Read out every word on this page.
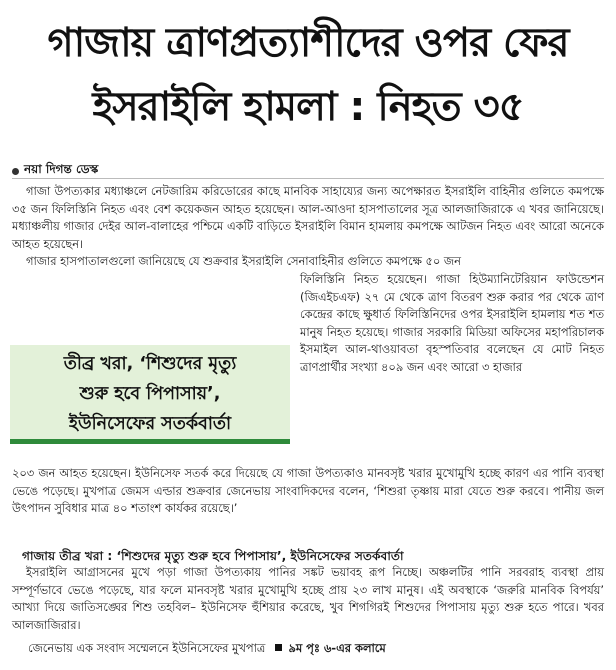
গাজায় ত্রাণপ্রত্যাশীদের ওপর ফের
ইসরাইলি হামলা : নিহত ৩৫
নয়া দিগন্ত ডেস্ক

গাজা উপত্যকার মধ্যাঞ্চলে নেটজারিম করিডোরের কাছে মানবিক সাহায্যের জন্য অপেক্ষারত ইসরাইলি বাহিনীর গুলিতে কমপক্ষে ৩৫ জন ফিলিস্তিনি নিহত এবং বেশ কয়েকজন আহত হয়েছেন। আল-আওদা হাসপাতালের সূত্র আলজাজিরাকে এ খবর জানিয়েছে। মধ্যাঞ্চলীয় গাজার দেইর আল-বালাহের পশ্চিমে একটি বাড়িতে ইসরাইলি বিমান হামলায় কমপক্ষে আটজন নিহত এবং আরো অনেকে আহত হয়েছেন।

গাজার হাসপাতালগুলো জানিয়েছে যে শুক্রবার ইসরাইলি সেনাবাহিনীর গুলিতে কমপক্ষে ৫০ জন

তীব্র খরা, ‘শিশুদের মৃত্যু
শুরু হবে পিপাসায়’,
ইউনিসেফের সতর্কবার্তা

ফিলিস্তিনি নিহত হয়েছেন। গাজা হিউম্যানিটেরিয়ান ফাউন্ডেশন (জিএইচএফ) ২৭ মে থেকে ত্রাণ বিতরণ শুরু করার পর থেকে ত্রাণ কেন্দ্রের কাছে ক্ষুধার্ত ফিলিস্তিনিদের ওপর ইসরাইলি হামলায় শত শত মানুষ নিহত হয়েছে। গাজার সরকারি মিডিয়া অফিসের মহাপরিচালক ইসমাইল আল-থাওয়াবতা বৃহস্পতিবার বলেছেন যে মোট নিহত ত্রাণপ্রার্থীর সংখ্যা ৪০৯ জন এবং আরো ৩ হাজার

২০৩ জন আহত হয়েছেন। ইউনিসেফ সতর্ক করে দিয়েছে যে গাজা উপত্যকাও মানবসৃষ্ট খরার মুখোমুখি হচ্ছে কারণ এর পানি ব্যবস্থা ভেঙে পড়েছে। মুখপাত্র জেমস এল্ডার শুক্রবার জেনেভায় সাংবাদিকদের বলেন, ‘শিশুরা তৃষ্ণায় মারা যেতে শুরু করবে। পানীয় জল উৎপাদন সুবিধার মাত্র ৪০ শতাংশ কার্যকর রয়েছে।’

গাজায় তীব্র খরা : ‘শিশুদের মৃত্যু শুরু হবে পিপাসায়’, ইউনিসেফের সতর্কবার্তা

ইসরাইলি আগ্রাসনের মুখে পড়া গাজা উপত্যকায় পানির সঙ্কট ভয়াবহ রূপ নিচ্ছে। অঞ্চলটির পানি সরবরাহ ব্যবস্থা প্রায় সম্পূর্ণভাবে ভেঙে পড়েছে, যার ফলে মানবসৃষ্ট খরার মুখোমুখি হচ্ছে প্রায় ২৩ লাখ মানুষ। এই অবস্থাকে ‘জরুরি মানবিক বিপর্যয়’ আখ্যা দিয়ে জাতিসঙ্ঘের শিশু তহবিল– ইউনিসেফ হুঁশিয়ার করেছে, খুব শিগগিরই শিশুদের পিপাসায় মৃত্যু শুরু হতে পারে। খবর আলজাজিরার।

জেনেভায় এক সংবাদ সম্মেলনে ইউনিসেফের মুখপাত্র ৯ম পৃঃ ৬-এর কলামে
